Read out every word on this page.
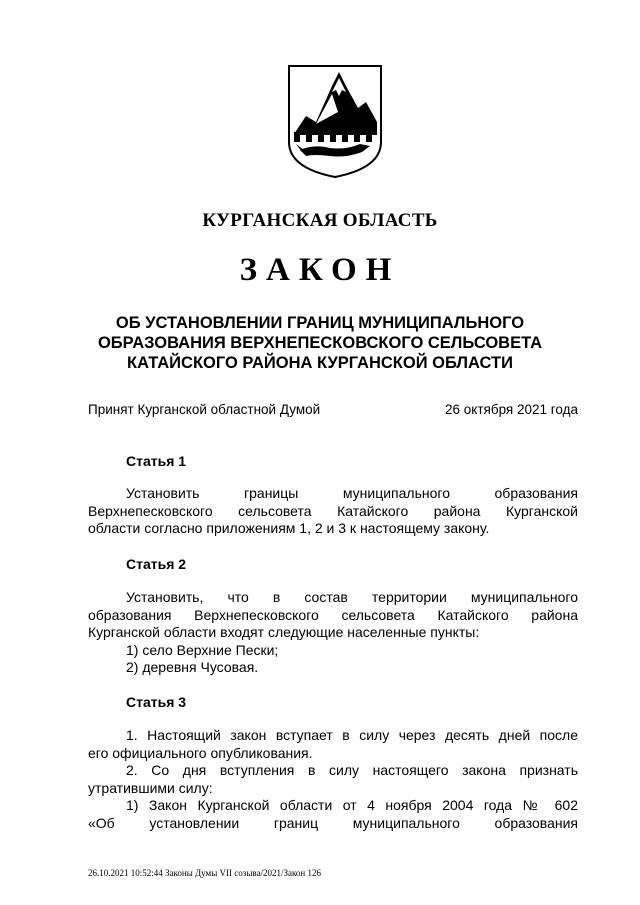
КУРГАНСКАЯ ОБЛАСТЬ
ЗАКОН
ОБ УСТАНОВЛЕНИИ ГРАНИЦ МУНИЦИПАЛЬНОГО
ОБРАЗОВАНИЯ ВЕРХНЕПЕСКОВСКОГО СЕЛЬСОВЕТА
КАТАЙСКОГО РАЙОНА КУРГАНСКОЙ ОБЛАСТИ
Принят Курганской областной Думой	26 октября 2021 года
Статья 1
Установить границы муниципального образования
Верхнепесковского сельсовета Катайского района Курганской
области согласно приложениям 1, 2 и 3 к настоящему закону.
Статья 2
Установить, что в состав территории муниципального
образования Верхнепесковского сельсовета Катайского района
Курганской области входят следующие населенные пункты:
1) село Верхние Пески;
2) деревня Чусовая.
Статья 3
1. Настоящий закон вступает в силу через десять дней после
его официального опубликования.
2. Со дня вступления в силу настоящего закона признать
утратившими силу:
1) Закон Курганской области от 4 ноября 2004 года № 602
«Об установлении границ муниципального образования
26.10.2021 10:52:44 Законы Думы VII созыва/2021/Закон 126
